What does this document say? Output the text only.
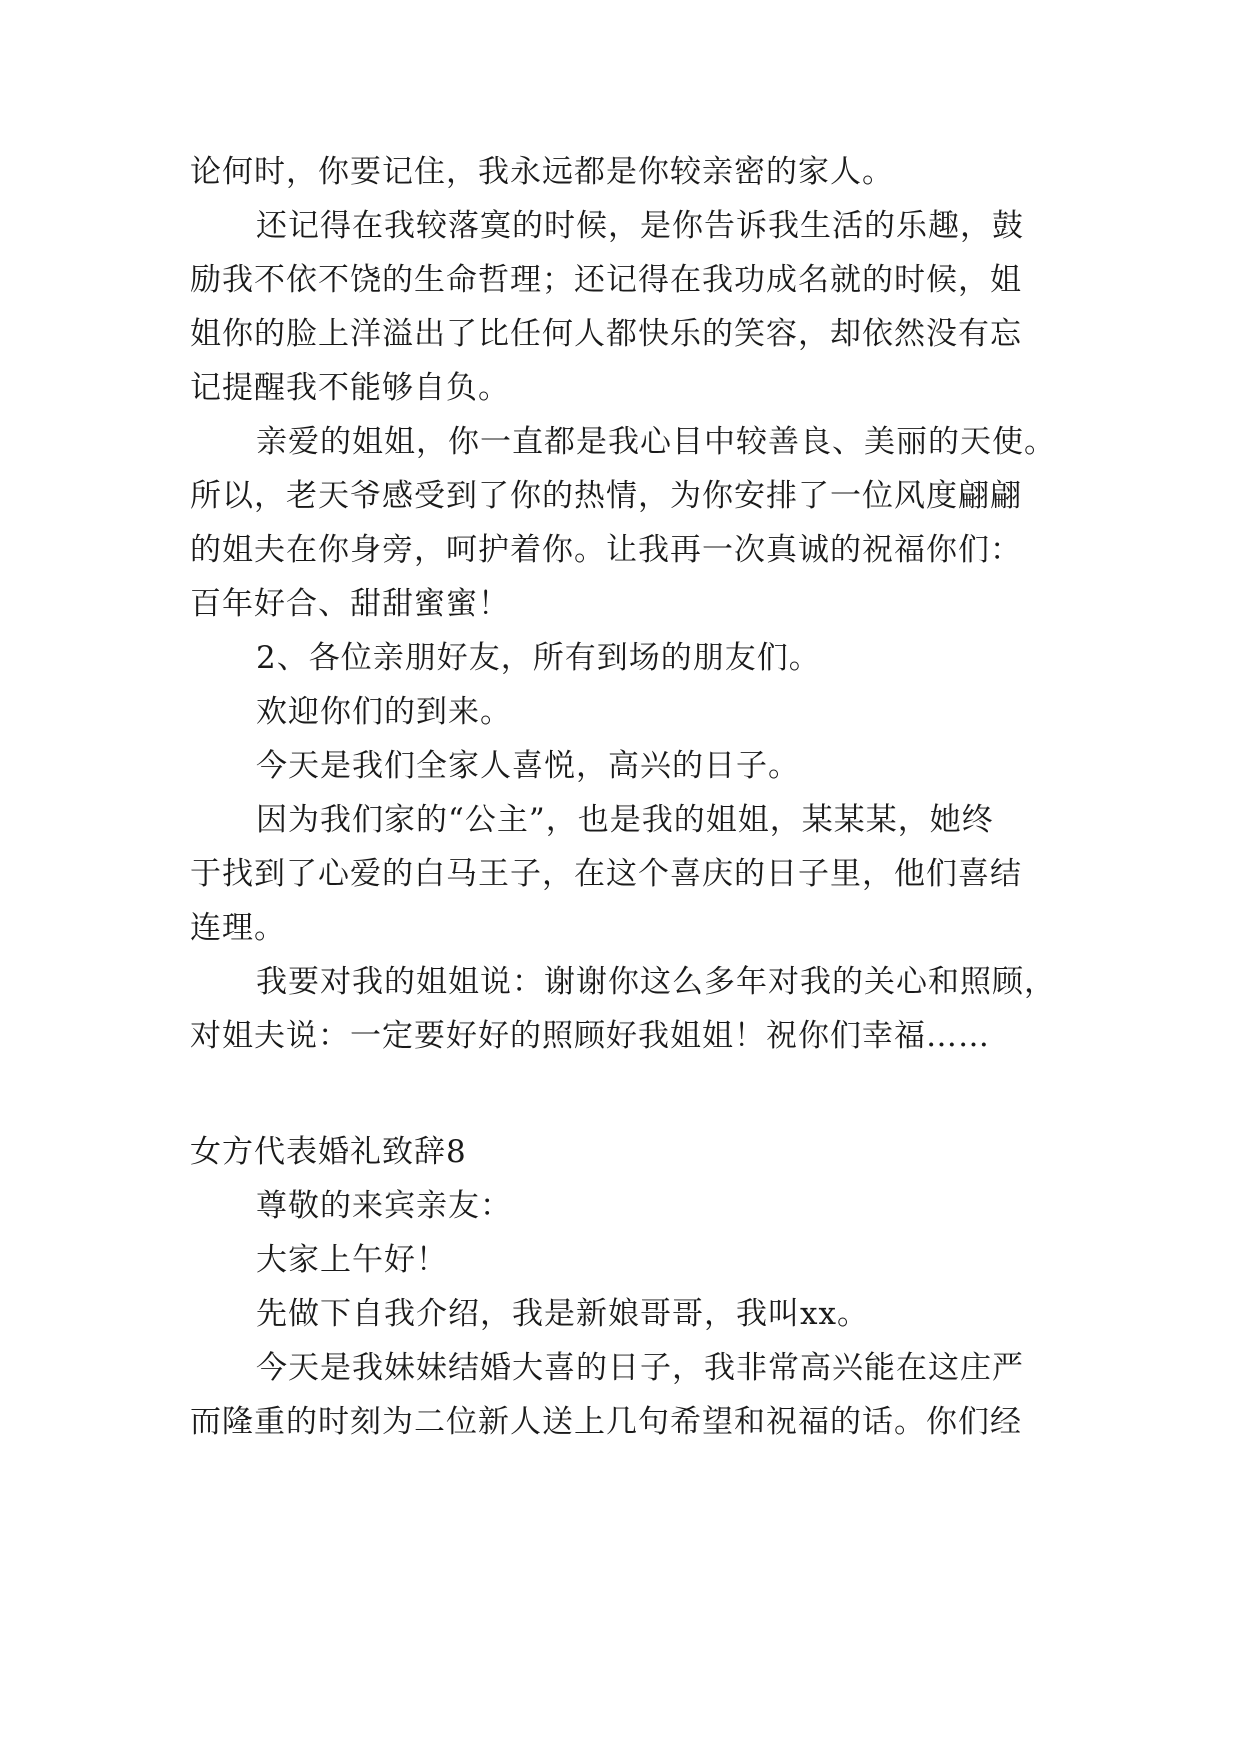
论何时，你要记住，我永远都是你较亲密的家人。
还记得在我较落寞的时候，是你告诉我生活的乐趣，鼓
励我不依不饶的生命哲理；还记得在我功成名就的时候，姐
姐你的脸上洋溢出了比任何人都快乐的笑容，却依然没有忘
记提醒我不能够自负。
亲爱的姐姐，你一直都是我心目中较善良、美丽的天使。
所以，老天爷感受到了你的热情，为你安排了一位风度翩翩
的姐夫在你身旁，呵护着你。让我再一次真诚的祝福你们：
百年好合、甜甜蜜蜜！
2、各位亲朋好友，所有到场的朋友们。
欢迎你们的到来。
今天是我们全家人喜悦，高兴的日子。
因为我们家的“公主”，也是我的姐姐，某某某，她终
于找到了心爱的白马王子，在这个喜庆的日子里，他们喜结
连理。
我要对我的姐姐说：谢谢你这么多年对我的关心和照顾，
对姐夫说：一定要好好的照顾好我姐姐！祝你们幸福……
女方代表婚礼致辞8
尊敬的来宾亲友：
大家上午好！
先做下自我介绍，我是新娘哥哥，我叫xx。
今天是我妹妹结婚大喜的日子，我非常高兴能在这庄严
而隆重的时刻为二位新人送上几句希望和祝福的话。你们经
